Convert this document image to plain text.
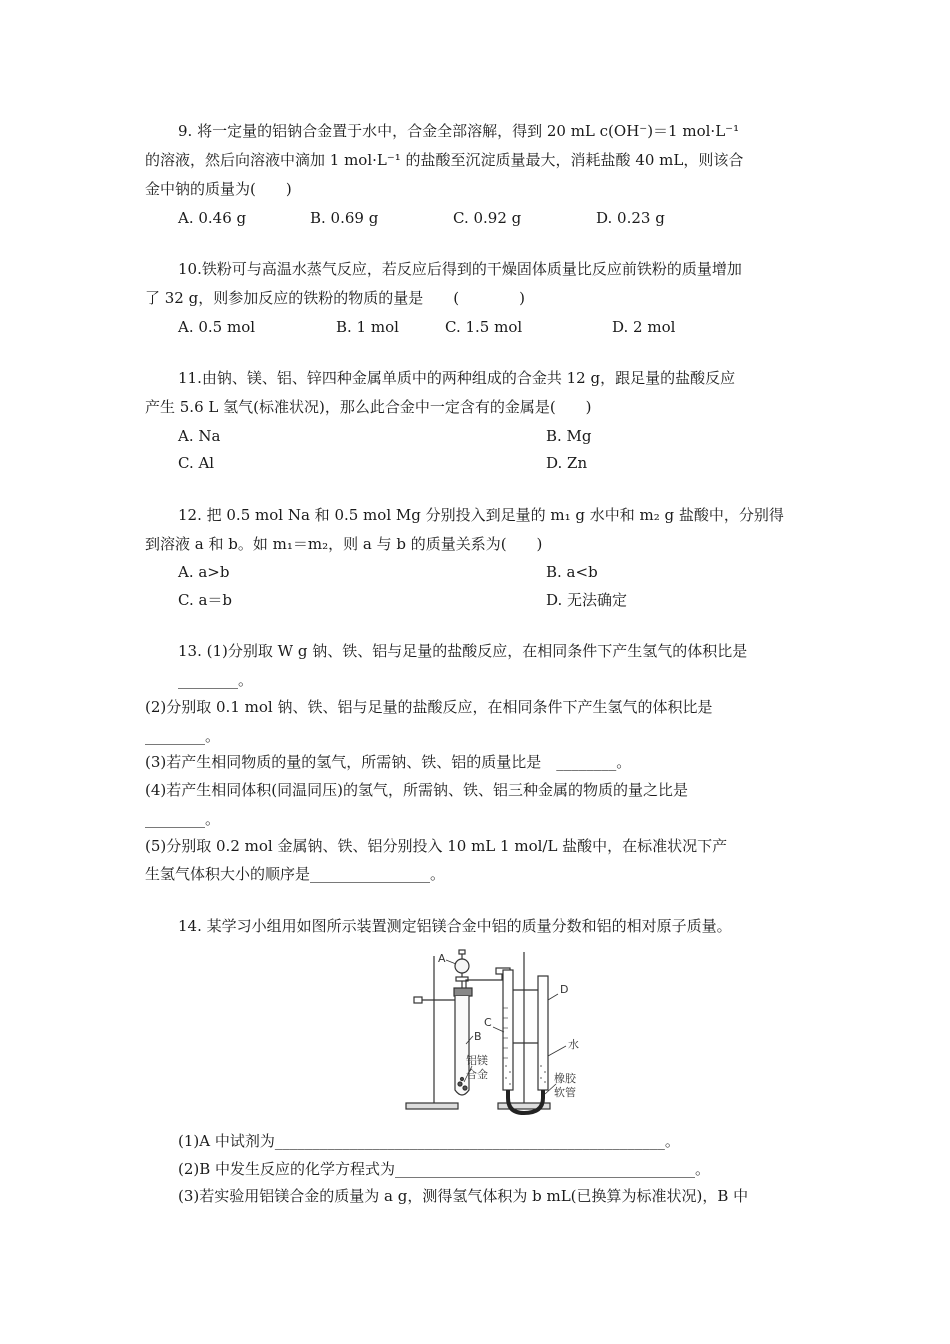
9. 将一定量的铝钠合金置于水中，合金全部溶解，得到 20 mL c(OH⁻)＝1 mol·L⁻¹
的溶液，然后向溶液中滴加 1 mol·L⁻¹ 的盐酸至沉淀质量最大，消耗盐酸 40 mL，则该合
金中钠的质量为(　　)
A. 0.46 g	B. 0.69 g	C. 0.92 g	D. 0.23 g
10.铁粉可与高温水蒸气反应，若反应后得到的干燥固体质量比反应前铁粉的质量增加
了 32 g，则参加反应的铁粉的物质的量是　　(　　　　)
A. 0.5 mol	B. 1 mol	C. 1.5 mol	D. 2 mol
11.由钠、镁、铝、锌四种金属单质中的两种组成的合金共 12 g，跟足量的盐酸反应
产生 5.6 L 氢气(标准状况)，那么此合金中一定含有的金属是(　　)
A. Na	B. Mg
C. Al	D. Zn
12. 把 0.5 mol Na 和 0.5 mol Mg 分别投入到足量的 m₁ g 水中和 m₂ g 盐酸中，分别得
到溶液 a 和 b。如 m₁＝m₂，则 a 与 b 的质量关系为(　　)
A. a>b	B. a<b
C. a＝b	D. 无法确定
13. (1)分别取 W g 钠、铁、铝与足量的盐酸反应，在相同条件下产生氢气的体积比是
________。
(2)分别取 0.1 mol 钠、铁、铝与足量的盐酸反应，在相同条件下产生氢气的体积比是
________。
(3)若产生相同物质的量的氢气，所需钠、铁、铝的质量比是　________。
(4)若产生相同体积(同温同压)的氢气，所需钠、铁、铝三种金属的物质的量之比是
________。
(5)分别取 0.2 mol 金属钠、铁、铝分别投入 10 mL 1 mol/L 盐酸中，在标准状况下产
生氢气体积大小的顺序是________________。
14. 某学习小组用如图所示装置测定铝镁合金中铝的质量分数和铝的相对原子质量。
A
B
C
D
水
铝镁
合金	橡胶
软管
(1)A 中试剂为____________________________________________________。
(2)B 中发生反应的化学方程式为________________________________________。
(3)若实验用铝镁合金的质量为 a g，测得氢气体积为 b mL(已换算为标准状况)，B 中
